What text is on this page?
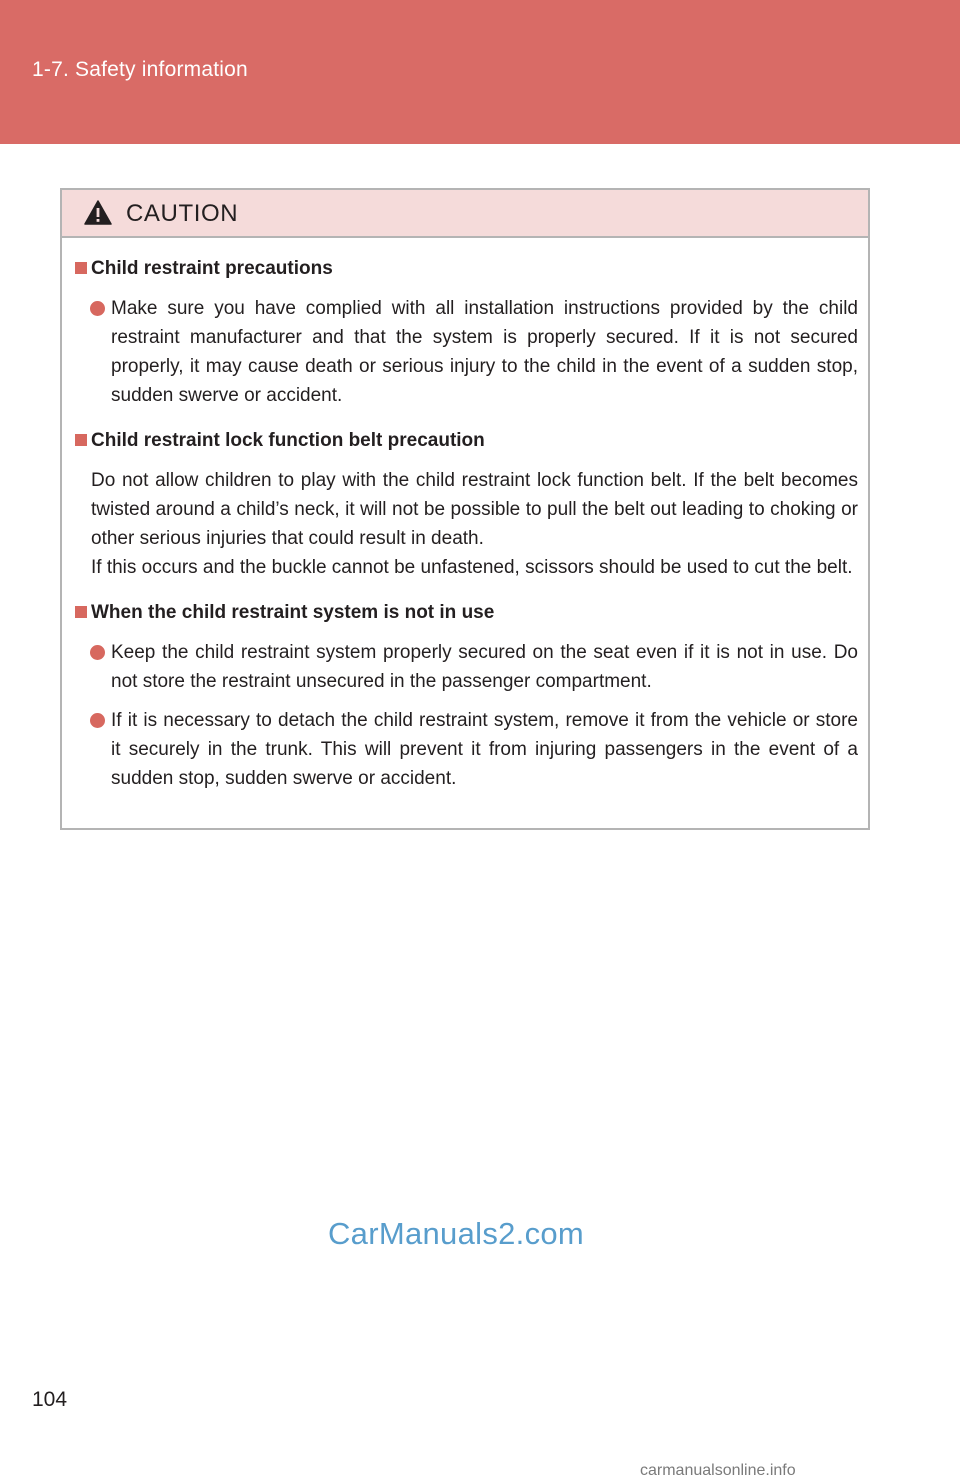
1-7. Safety information
CAUTION
Child restraint precautions

Make sure you have complied with all installation instructions provided by the child restraint manufacturer and that the system is properly secured. If it is not secured properly, it may cause death or serious injury to the child in the event of a sudden stop, sudden swerve or accident.

Child restraint lock function belt precaution

Do not allow children to play with the child restraint lock function belt. If the belt becomes twisted around a child’s neck, it will not be possible to pull the belt out leading to choking or other serious injuries that could result in death.
If this occurs and the buckle cannot be unfastened, scissors should be used to cut the belt.

When the child restraint system is not in use

Keep the child restraint system properly secured on the seat even if it is not in use. Do not store the restraint unsecured in the passenger compartment.

If it is necessary to detach the child restraint system, remove it from the vehicle or store it securely in the trunk. This will prevent it from injuring passengers in the event of a sudden stop, sudden swerve or accident.

CarManuals2.com
104
carmanualsonline.info
